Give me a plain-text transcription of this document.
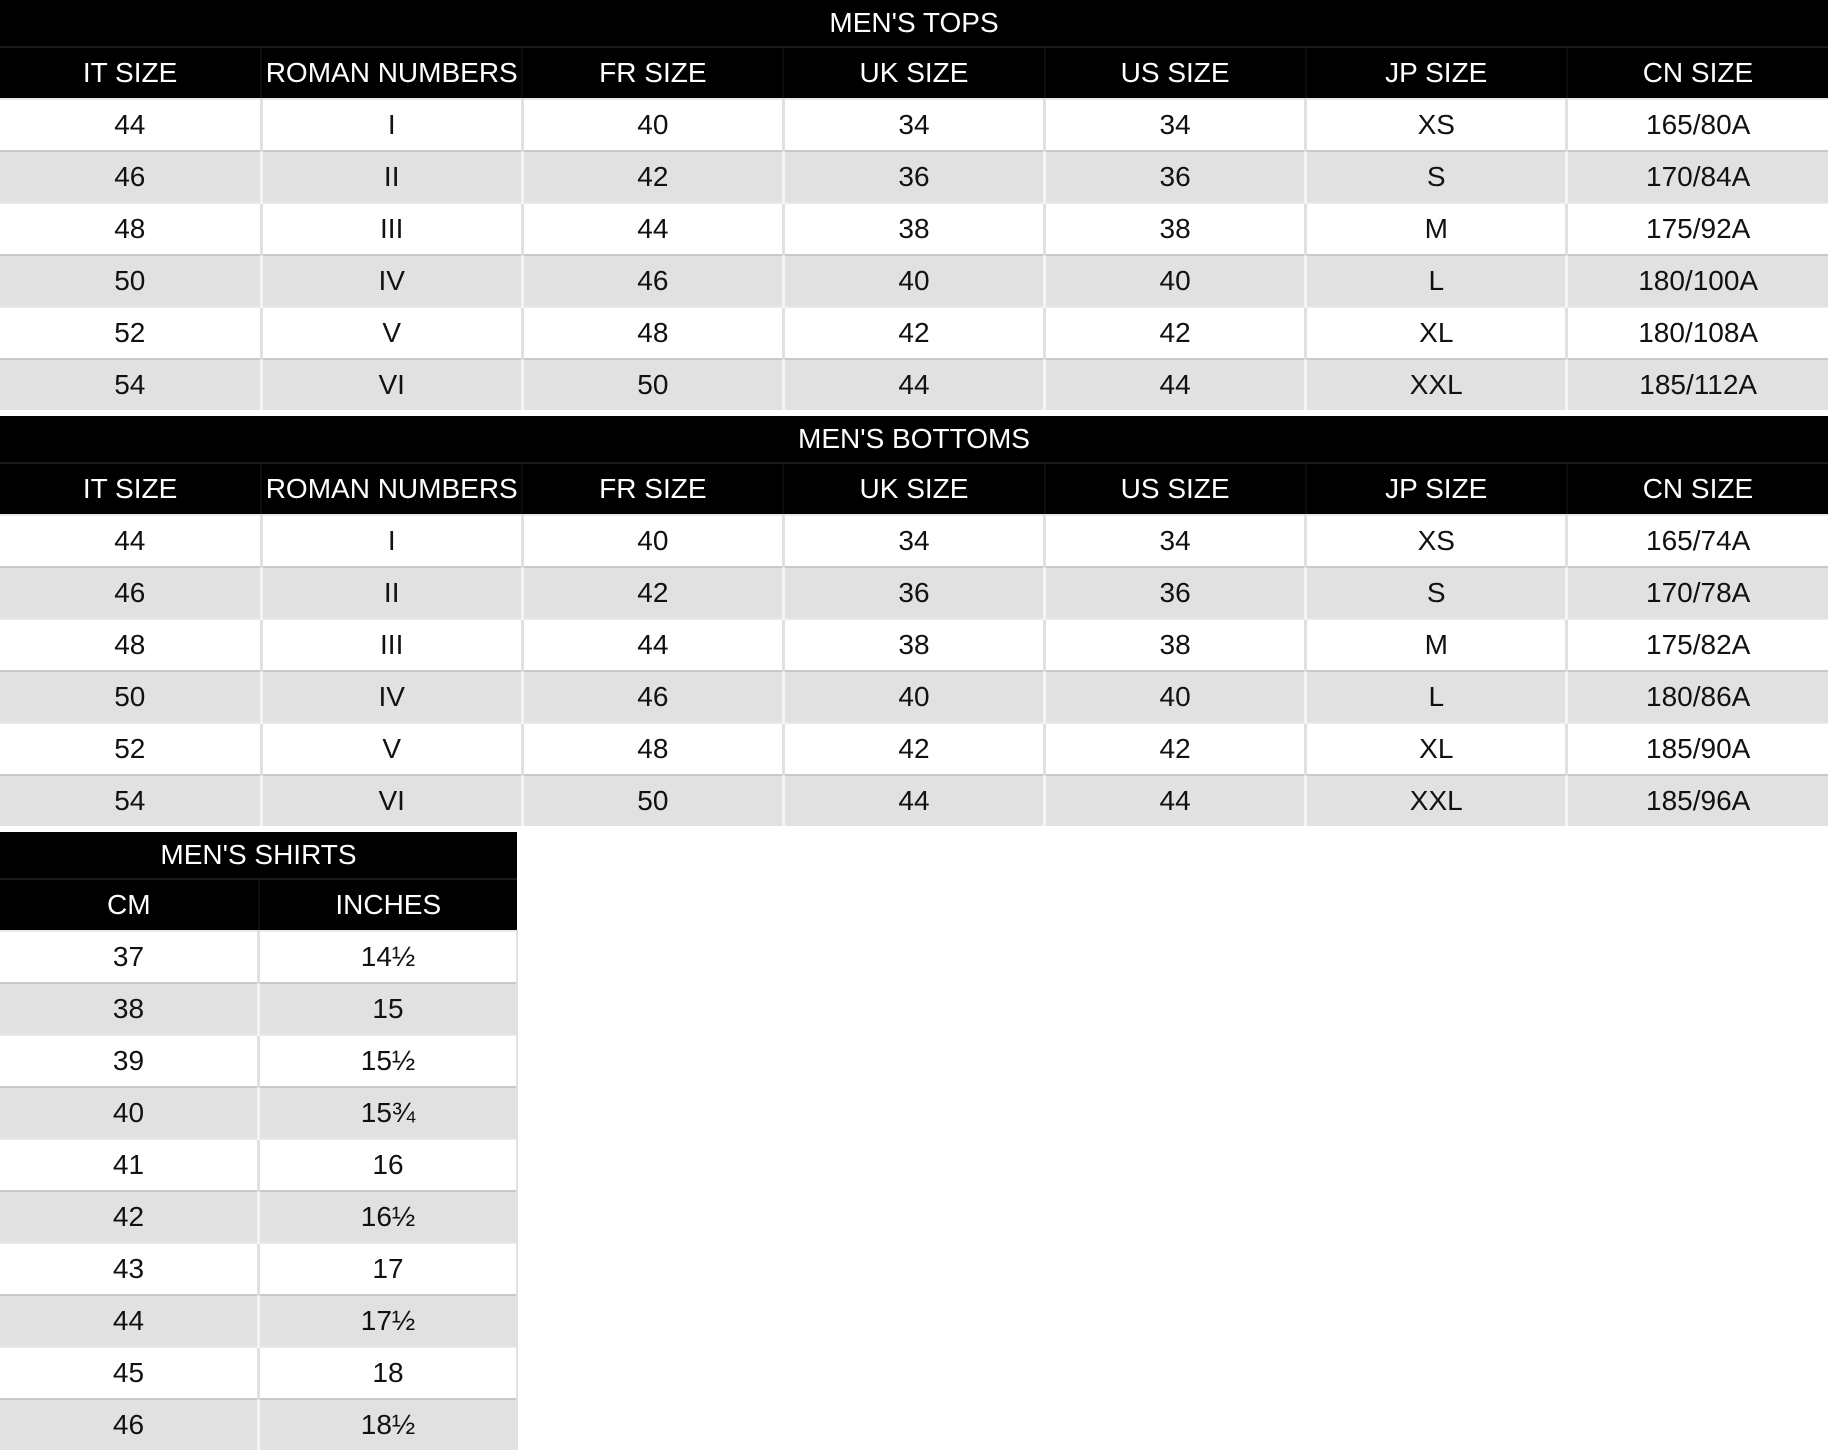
MEN'S TOPS						
IT SIZE	ROMAN NUMBERS	FR SIZE	UK SIZE	US SIZE	JP SIZE	CN SIZE
44	I	40	34	34	XS	165/80A
46	II	42	36	36	S	170/84A
48	III	44	38	38	M	175/92A
50	IV	46	40	40	L	180/100A
52	V	48	42	42	XL	180/108A
54	VI	50	44	44	XXL	185/112A
MEN'S BOTTOMS						
IT SIZE	ROMAN NUMBERS	FR SIZE	UK SIZE	US SIZE	JP SIZE	CN SIZE
44	I	40	34	34	XS	165/74A
46	II	42	36	36	S	170/78A
48	III	44	38	38	M	175/82A
50	IV	46	40	40	L	180/86A
52	V	48	42	42	XL	185/90A
54	VI	50	44	44	XXL	185/96A
MEN'S SHIRTS	
CM	INCHES
37	14½
38	15
39	15½
40	15¾
41	16
42	16½
43	17
44	17½
45	18
46	18½
